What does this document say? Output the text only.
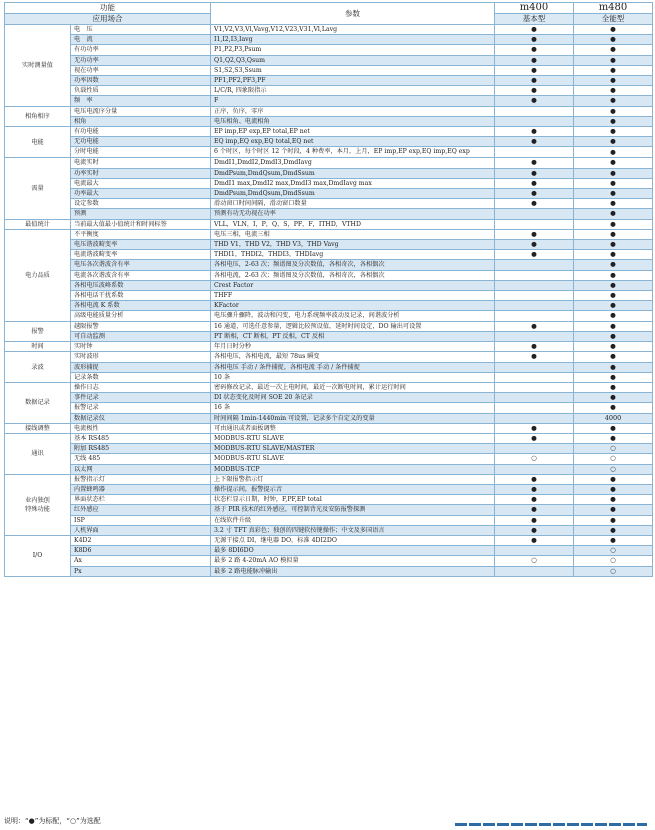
功能		参数	m400	m480
应用场合			基本型	全能型
实时测量值	电　压	V1,V2,V3,Vl,Vavg,V12,V23,V31,Vl,Lavg	●	●
	电　流	I1,I2,I3,Iavg	●	●
	有功功率	P1,P2,P3,Psum	●	●
	无功功率	Q1,Q2,Q3,Qsum	●	●
	视在功率	S1,S2,S3,Ssum	●	●
	功率因数	PF1,PF2,PF3,PF	●	●
	负载性质	L/C/R, 四象限指示	●	●
	频　率	F	●	●
相角相序	电压电流序分量	正序，负序，零序		●
	相角	电压相角、电流相角		●
电能	有功电能	EP imp,EP exp,EP total,EP net	●	●
	无功电能	EQ imp,EQ exp,EQ total,EQ net	●	●
	分时电能	6 个时区，每个时区 12 个时段，4 种费率，本月，上月，EP imp,EP exp,EQ imp,EQ exp		●
需量	电流实时	DmdI1,DmdI2,DmdI3,DmdIavg	●	●
	功率实时	DmdPsum,DmdQsum,DmdSsum	●	●
	电流最大	DmdI1 max,DmdI2 max,DmdI3 max,DmdIavg max	●	●
	功率最大	DmdPsum,DmdQsum,DmdSsum	●	●
	设定参数	滑动窗口时间间隔，滑动窗口数量	●	●
	预测	预测有功无功视在功率		●
最值统计	当前最大值最小值统计和时间标签	VLL，VLN，I，P，Q，S，PF，F，ITHD，VTHD		●
电力品质	不平衡度	电压三相，电流三相	●	●
	电压谐波畸变率	THD V1，THD V2，THD V3，THD Vavg	●	●
	电流谐波畸变率	THDI1，THDI2，THDI3，THDIavg	●	●
	电压各次谐波含有率	各相电压，2-63 次；频谱图及分次数值，各相奇次，各相偶次		●
	电流各次谐波含有率	各相电流，2-63 次；频谱图及分次数值，各相奇次，各相偶次		●
	各相电压波峰系数	Crest Factor		●
	各相电话干扰系数	THFF		●
	各相电流 K 系数	KFactor		●
	高级电能质量分析	电压骤升骤降，波动和闪变，电力系统频率波动及记录，间谐波分析		●
报警	越限报警	16 通道，可选任意参量，逻辑比较预设值，延时时间设定，DO 输出可设置	●	●
	可自动监测	PT 断相，CT 断相，PT 反相，CT 反相		●
时间	实时钟	年月日时分秒	●	●
录波	实时波形	各相电压，各相电流，最短 78us 瞬变	●	●
	波形捕捉	各相电压 手动 / 条件捕捉，各相电流 手动 / 条件捕捉		●
	记录条数	10 条		●
数据记录	操作日志	密码修改记录，最近一次上电时间，最近一次断电时间，累计运行时间		●
	事件记录	DI 状态变化及时间 SOE 20 条记录		●
	报警记录	16 条		●
	数据记录仪	时间间隔 1min-1440min 可设置，记录多个自定义的变量		4000
接线调整	电流极性	可由通讯或者面板调整	●	●
通讯	基本 RS485	MODBUS-RTU SLAVE	●	●
	附加 RS485	MODBUS-RTU SLAVE/MASTER		○
	无线 485	MODBUS-RTU SLAVE	○	○
	以太网	MODBUS-TCP		○
业内独创
特殊功能	报警指示灯	上下限报警指示灯	●	●
	内置蜂鸣器	操作提示间，报警提示音	●	●
	界面状态栏	状态栏显示日期，时钟，F,PF,EP total	●	●
	红外感应	基于 PIR 技术的红外感应，可控制背光及安防报警探测	●	●
	ISP	在线软件升级	●	●
	人机界面	3.2 寸 TFT 真彩色；独创的四键软按键操作；中文及多国语言	●	●
I/O	K4D2	无源干接点 DI，继电器 DO，标准 4DI2DO	●	●
	K8D6	最多 8DI6DO		○
	Ax	最多 2 路 4-20mA AO 模拟量	○	○
	Px	最多 2 路电能脉冲输出		○
说明：“●”为标配，“○”为选配
